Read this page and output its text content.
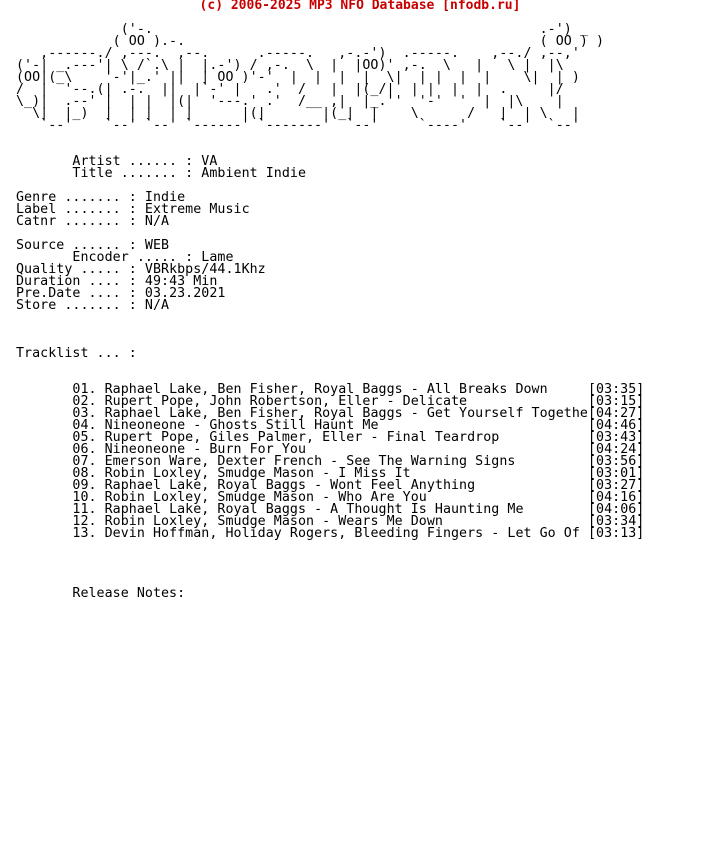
(c) 2006-2025 MP3 NFO Database [nfodb.ru]
('-.                                                .-') _
( OO ).-.                                            ( OO ) )
,------./ ,---.  ,--.      .-----.   ,-.-')  .-----.    ,--./ ,--,'
('-| _.---'| \ /`.\ |  |.-') / ,-.  \  |  |OO)' ,-.  \   |   \ |  |\
(OO|(_\    '-'|_.' ||  | OO )'-'  |  |  |  |  \|  | |  |  |    \|  | )
/  |  '--.(| .-.  ||  |`-' |   .'  /   |  |(_/|  | |  |  |  .     |/
\_)|  .--' |  | |  |(|  '---.' .'  /__ ,|  |_.''  '-'  '  |  |\    |
\|  |_)  |  | |  | |      |(|       |(_|  |    \      /   |  | \   |
`--'    `--' `--' `------' `-------'  `--'     `----'    `--'  `--'

Artist ...... : VA
Title ....... : Ambient Indie

Genre ....... : Indie
Label ....... : Extreme Music
Catnr ....... : N/A

Source ...... : WEB
Encoder ..... : Lame
Quality ..... : VBRkbps/44.1Khz
Duration .... : 49:43 Min
Pre.Date .... : 03.23.2021
Store ....... : N/A

Tracklist ... :

01. Raphael Lake, Ben Fisher, Royal Baggs - All Breaks Down	[03:35]
02. Rupert Pope, John Robertson, Eller - Delicate	[03:15]
03. Raphael Lake, Ben Fisher, Royal Baggs - Get Yourself Togethe[04:27]
04. Nineoneone - Ghosts Still Haunt Me	[04:46]
05. Rupert Pope, Giles Palmer, Eller - Final Teardrop	[03:43]
06. Nineoneone - Burn For You	[04:24]
07. Emerson Ware, Dexter French - See The Warning Signs	[03:56]
08. Robin Loxley, Smudge Mason - I Miss It	[03:01]
09. Raphael Lake, Royal Baggs - Wont Feel Anything	[03:27]
10. Robin Loxley, Smudge Mason - Who Are You	[04:16]
11. Raphael Lake, Royal Baggs - A Thought Is Haunting Me	[04:06]
12. Robin Loxley, Smudge Mason - Wears Me Down	[03:34]
13. Devin Hoffman, Holiday Rogers, Bleeding Fingers - Let Go Of [03:13]

Release Notes:
